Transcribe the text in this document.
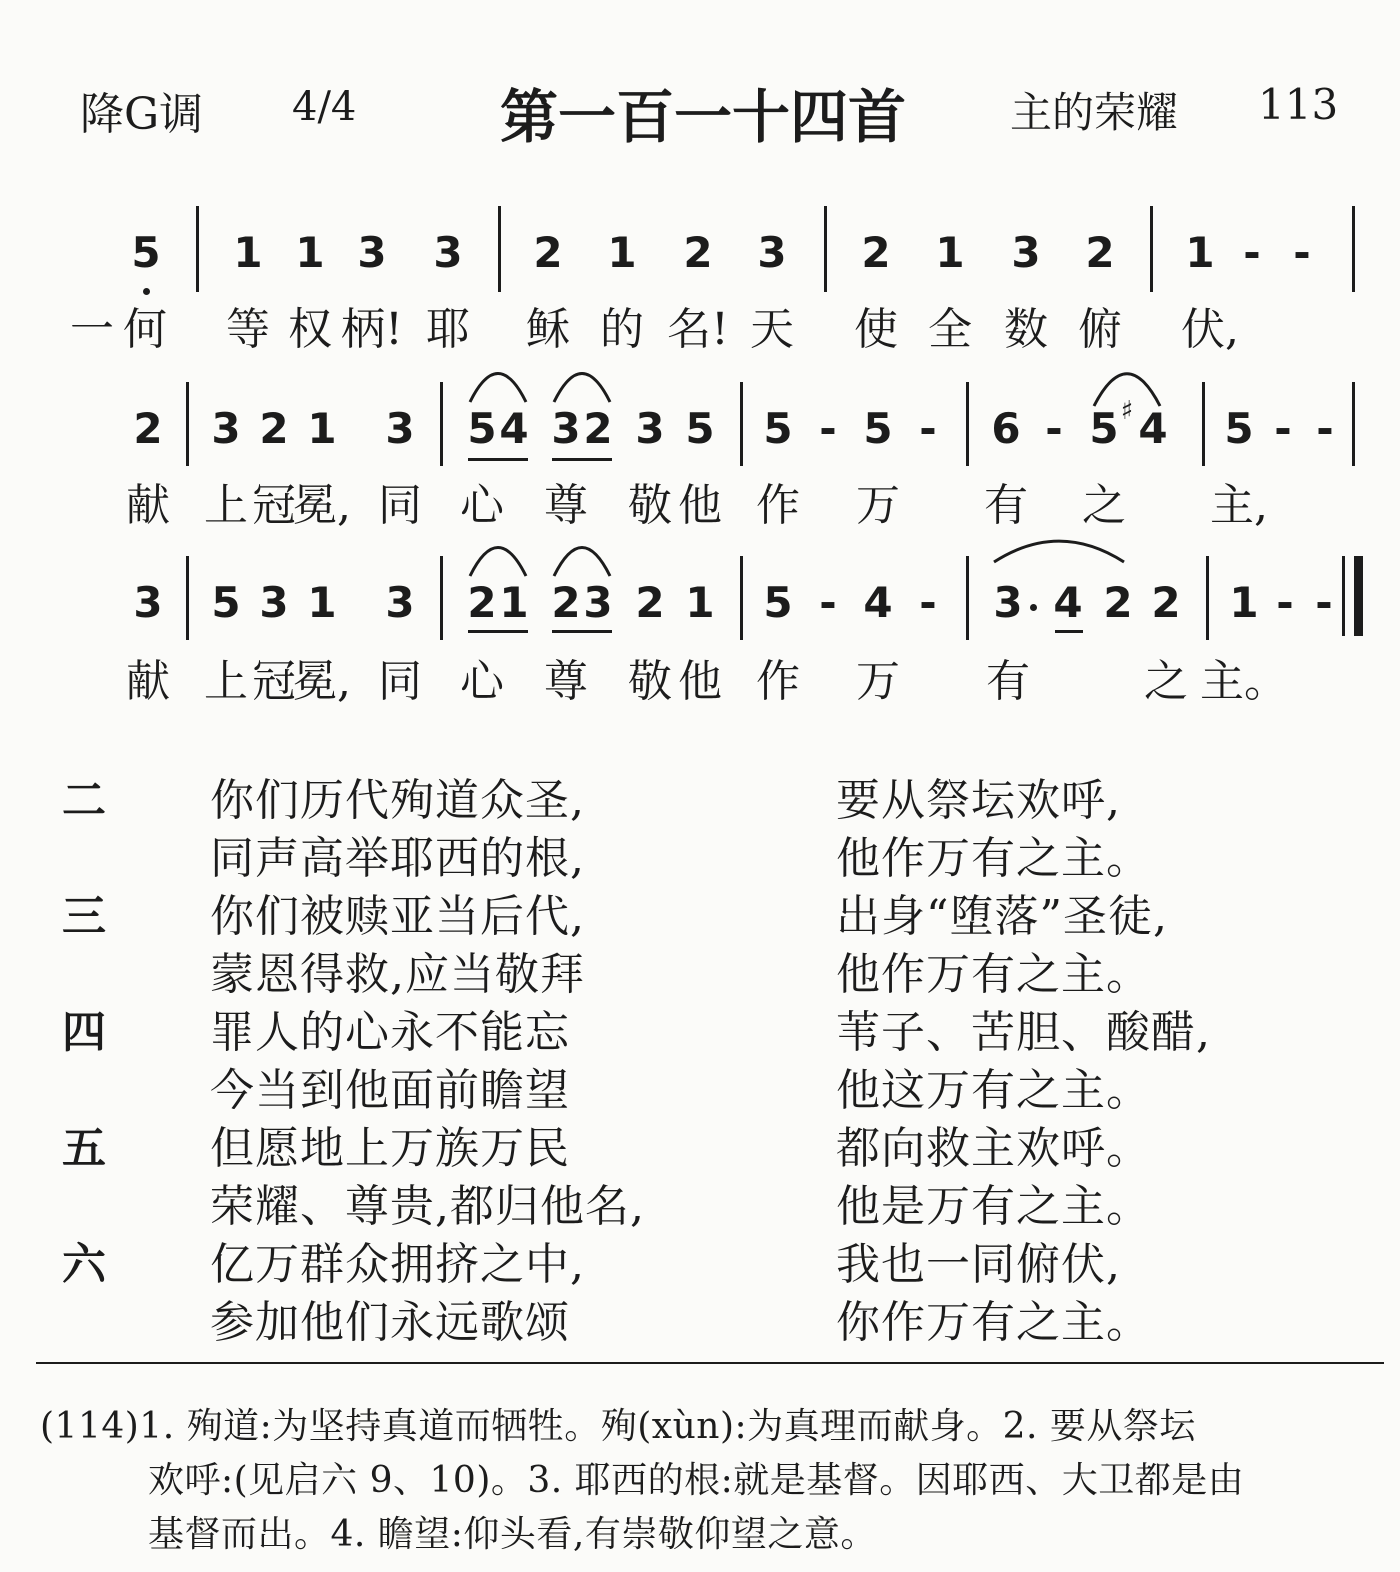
降G调 4/4 第一百一十四首 主的荣耀 113
5 1 1 3 3 2 1 2 3 2 1 3 2 1 - -
一 何 等 权 柄! 耶 稣 的 名! 天 使 全 数 俯 伏,
2 3 2 1 3 5 4 3 2 3 5 5 - 5 - 6 - 5 ♯ 4 5 - -
献 上 冠
冕, 同 心 尊 敬 他 作 万 有 之 主,
3 5 3 1 3 2 1 2 3 2 1 5 - 4 - 3 4 2 2 1 - -
献 上 冠
冕, 同 心 尊 敬 他 作 万 有	之 主。
二 你们历代殉道众圣,	要从祭坛欢呼,
同声高举耶西的根,	他作万有之主。
三 你们被赎亚当后代,	出身“堕落”圣徒,
蒙恩得救,应当敬拜	他作万有之主。
四 罪人的心永不能忘	苇子、苦胆、酸醋,
今当到他面前瞻望	他这万有之主。
五 但愿地上万族万民	都向救主欢呼。
荣耀、尊贵,都归他名,	他是万有之主。
六 亿万群众拥挤之中,	我也一同俯伏,
参加他们永远歌颂	你作万有之主。
(114)1. 殉道:为坚持真道而牺牲。殉(xùn):为真理而献身。2. 要从祭坛
欢呼:(见启六 9、10)。3. 耶西的根:就是基督。因耶西、大卫都是由
基督而出。4. 瞻望:仰头看,有崇敬仰望之意。
